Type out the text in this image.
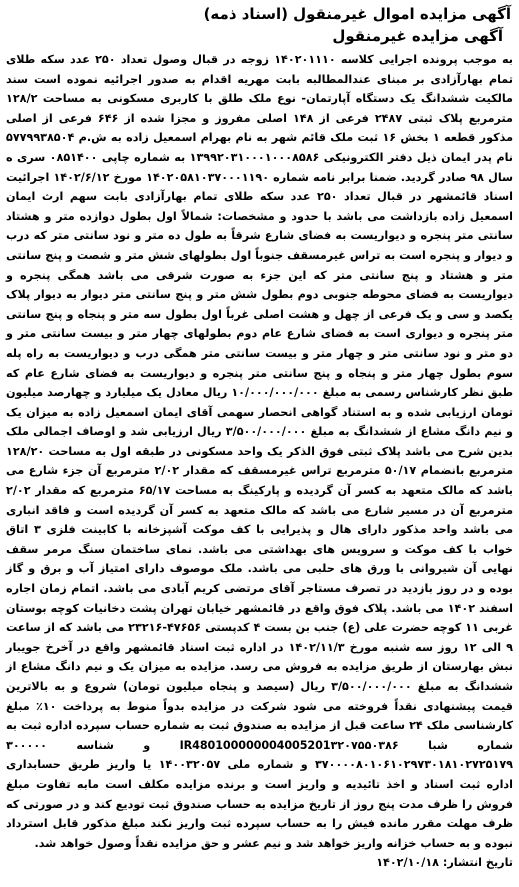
آگهی مزایده اموال غیرمنقول (اسناد ذمه)
آگهی مزایده غیرمنقول

به موجب پرونده اجرایی کلاسه ۱۴۰۲۰۱۱۱۰ زوجه در قبال وصول تعداد ۲۵۰ عدد سکه طلای تمام بهارآزادی بر مبنای عندالمطالبه بابت مهریه اقدام به صدور اجرائیه نموده است سند مالکیت ششدانگ یک دستگاه آپارتمان- نوع ملک طلق با کاربری مسکونی به مساحت ۱۲۸/۲ مترمربع پلاک ثبتی ۲۴۸۷ فرعی از ۱۴۸ اصلی مفروز و مجزا شده از ۶۴۶ فرعی از اصلی مذکور قطعه ۱ بخش ۱۶ ثبت ملک قائم شهر به نام بهرام اسمعیل زاده به ش.م ۵۷۷۹۹۳۸۵۰۴ نام پدر ایمان ذیل دفتر الکترونیکی ۱۳۹۹۲۰۳۱۰۰۰۱۰۰۰۸۵۸۶ به شماره چاپی ۰۸۵۱۴۰۰ سری ه سال ۹۸ صادر گردید. ضمنا برابر نامه شماره ۱۴۰۲۰۵۸۱۰۳۷۰۰۰۱۱۹۰ مورخ ۱۴۰۲/۶/۱۲ اجرائیت اسناد قائمشهر در قبال تعداد ۲۵۰ عدد سکه طلای تمام بهارآزادی بابت سهم ارث ایمان اسمعیل زاده بازداشت می باشد با حدود و مشخصات: شمالاً اول بطول دوازده متر و هشتاد سانتی متر پنجره و دیواریست به فضای شارع شرقاً به طول ده متر و نود سانتی متر که درب و دیوار و پنجره است به تراس غیرمسقف جنوباً اول بطولهای شش متر و شصت و پنج سانتی متر و هشتاد و پنج سانتی متر که این جزء به صورت شرقی می باشد همگی پنجره و دیواریست به فضای محوطه جنوبی دوم بطول شش متر و پنج سانتی متر دیوار به دیوار پلاک یکصد و سی و یک فرعی از چهل و هشت اصلی غرباً اول بطول سه متر و پنجاه و پنج سانتی متر پنجره و دیواری است به فضای شارع عام دوم بطولهای چهار متر و بیست سانتی متر و دو متر و نود سانتی متر و چهار متر و بیست سانتی متر همگی درب و دیواریست به راه پله سوم بطول چهار متر و پنجاه و پنج سانتی متر پنجره و دیواریست به فضای شارع عام که طبق نظر کارشناس رسمی به مبلغ ۱۰/۰۰۰/۰۰۰/۰۰۰ ریال معادل یک میلیارد و چهارصد میلیون تومان ارزیابی شده و به استناد گواهی انحصار سهمی آقای ایمان اسمعیل زاده به میزان یک و نیم دانگ مشاع از ششدانگ به مبلغ ۳/۵۰۰/۰۰۰/۰۰۰ ریال ارزیابی شد و اوصاف اجمالی ملک بدین شرح می باشد پلاک ثبتی فوق الذکر یک واحد مسکونی در طبقه اول به مساحت ۱۲۸/۲۰ مترمربع بانضمام ۵۰/۱۷ مترمربع تراس غیرمسقف که مقدار ۲/۰۲ مترمربع آن جزء شارع می باشد که مالک متعهد به کسر آن گردیده و پارکینگ به مساحت ۶۵/۱۷ مترمربع که مقدار ۲/۰۲ مترمربع آن در مسیر شارع می باشد که مالک متعهد به کسر آن گردیده است و فاقد انباری می باشد واحد مذکور دارای هال و پذیرایی با کف موکت آشپزخانه با کابینت فلزی ۳ اتاق خواب با کف موکت و سرویس های بهداشتی می باشد. نمای ساختمان سنگ مرمر سقف نهایی آن شیروانی با ورق های حلبی می باشد. ملک موصوف دارای امتیاز آب و برق و گاز بوده و در روز بازدید در تصرف مستاجر آقای مرتضی کریم آبادی می باشد. اتمام زمان اجاره اسفند ۱۴۰۲ می باشد. پلاک فوق واقع در قائمشهر خیابان تهران پشت دخانیات کوچه بوستان غربی ۱۱ کوچه حضرت علی (ع) جنب بن بست ۴ کدپستی ۴۷۶۵۶-۲۳۲۱۶ می باشد که از ساعت ۹ الی ۱۲ روز سه شنبه مورخ ۱۴۰۲/۱۱/۳ در اداره ثبت اسناد قائمشهر واقع در آخرخ جویبار نبش بهارستان از طریق مزایده به فروش می رسد. مزایده به میزان یک و نیم دانگ مشاع از ششدانگ به مبلغ ۳/۵۰۰/۰۰۰/۰۰۰ ریال (سیصد و پنجاه میلیون تومان) شروع و به بالاترین قیمت پیشنهادی نقداً فروخته می شود شرکت در مزایده بدواً منوط به پرداخت ۱۰٪ مبلغ کارشناسی ملک ۲۴ ساعت قبل از مزایده به صندوق ثبت به شماره حساب سپرده اداره ثبت به شماره شبا IR480100000004005201۳۲۰۷۵۵۰۳۸۶ و شناسه ۳۰۰۰۰۰ ۳۷۰۰۰۰۸۰۱۰۶۱۰۲۹۷۳۰۱۸۱۰۲۷۲۵۱۷۹ و شماره ملی ۱۴۰۰۳۲۰۵۷ یا واریز طریق حسابداری اداره ثبت اسناد و اخذ تائیدیه و واریز است و برنده مزایده مکلف است مابه تفاوت مبلغ فروش را ظرف مدت پنج روز از تاریخ مزایده به حساب صندوق ثبت تودیع کند و در صورتی که ظرف مهلت مقرر مانده فیش را به حساب سپرده ثبت واریز نکند مبلغ مذکور قابل استرداد نبوده و به حساب خزانه واریز خواهد شد و نیم عشر و حق مزایده نقداً وصول خواهد شد.

تاریخ انتشار: ۱۴۰۲/۱۰/۱۸
